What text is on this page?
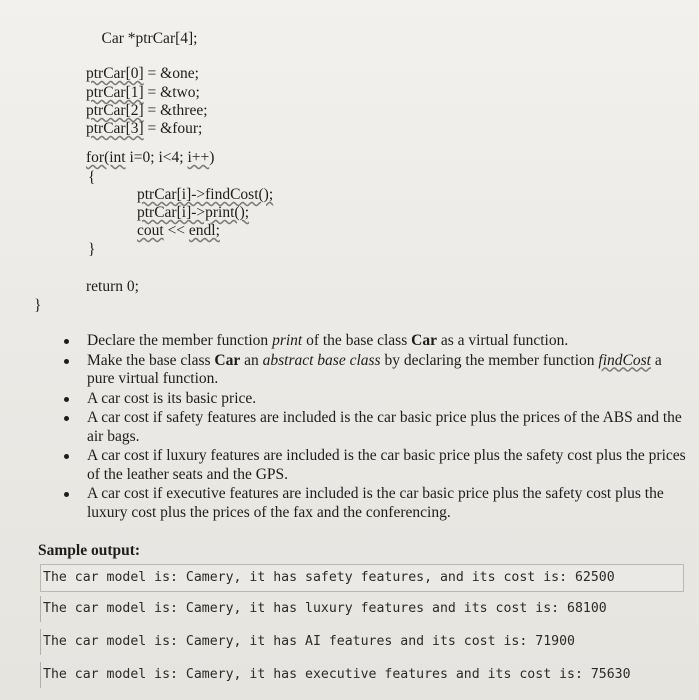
Car *ptrCar[4];

ptrCar[0] = &one;
ptrCar[1] = &two;
ptrCar[2] = &three;
ptrCar[3] = &four;
for(int i=0; i<4; i++)
{
ptrCar[i]->findCost();
ptrCar[i]->print();
cout << endl;
}
return 0;
}
Declare the member function print of the base class Car as a virtual function.
Make the base class Car an abstract base class by declaring the member function findCost a pure virtual function.
A car cost is its basic price.
A car cost if safety features are included is the car basic price plus the prices of the ABS and the air bags.
A car cost if luxury features are included is the car basic price plus the safety cost plus the prices of the leather seats and the GPS.
A car cost if executive features are included is the car basic price plus the safety cost plus the luxury cost plus the prices of the fax and the conferencing.
Sample output:
The car model is: Camery, it has safety features, and its cost is: 62500
The car model is: Camery, it has luxury features and its cost is: 68100
The car model is: Camery, it has AI features and its cost is: 71900
The car model is: Camery, it has executive features and its cost is: 75630
